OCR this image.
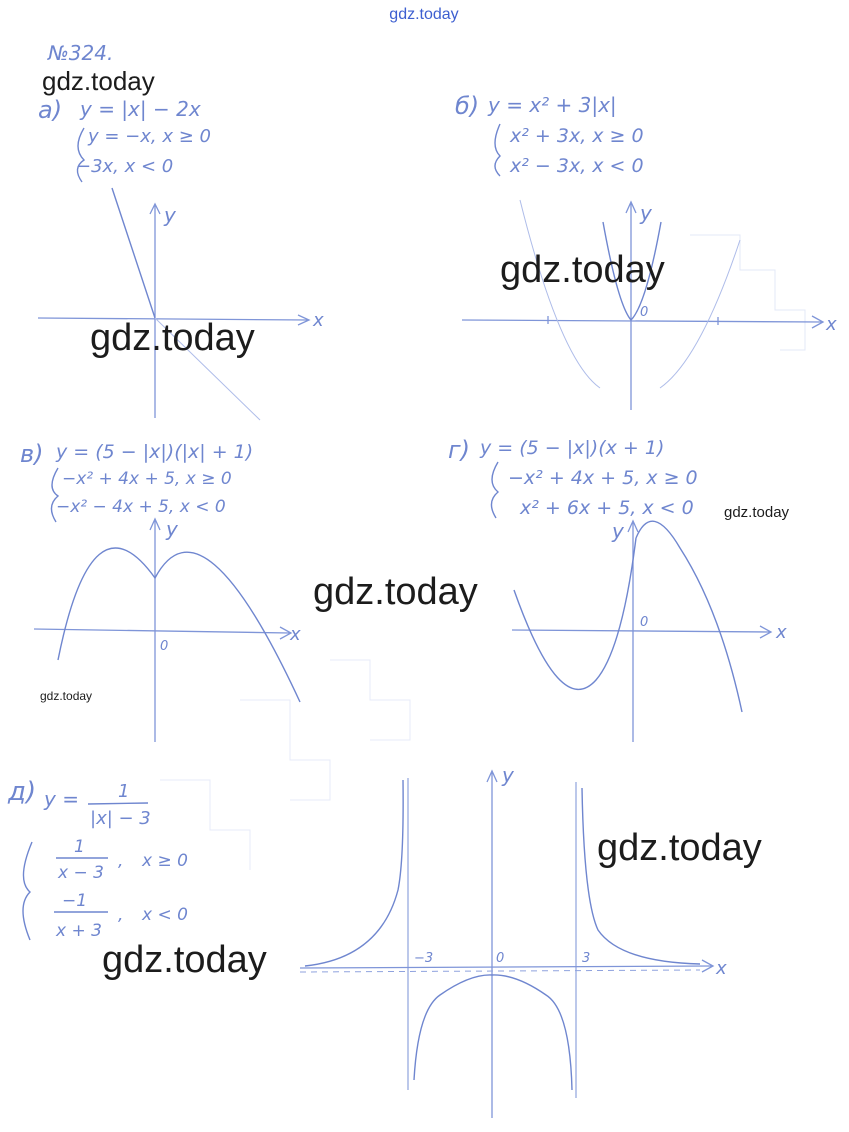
gdz.today
№324.
а) y = |x| − 2x
y = −x, x ≥ 0
−3x, x < 0
x
y
б) y = x² + 3|x|
x² + 3x, x ≥ 0
x² − 3x, x < 0
x
y
0
в) y = (5 − |x|)(|x| + 1)
−x² + 4x + 5, x ≥ 0
−x² − 4x + 5, x < 0
x
y
0
г) y = (5 − |x|)(x + 1)
−x² + 4x + 5, x ≥ 0
x² + 6x + 5, x < 0
x
y
0
д) y = 1
|x| − 3
1
x − 3
, x ≥ 0
−1
x + 3
, x < 0
x
y
0
−3	3
gdz.today
gdz.today
gdz.today
gdz.today
gdz.today
gdz.today
gdz.today
gdz.today
